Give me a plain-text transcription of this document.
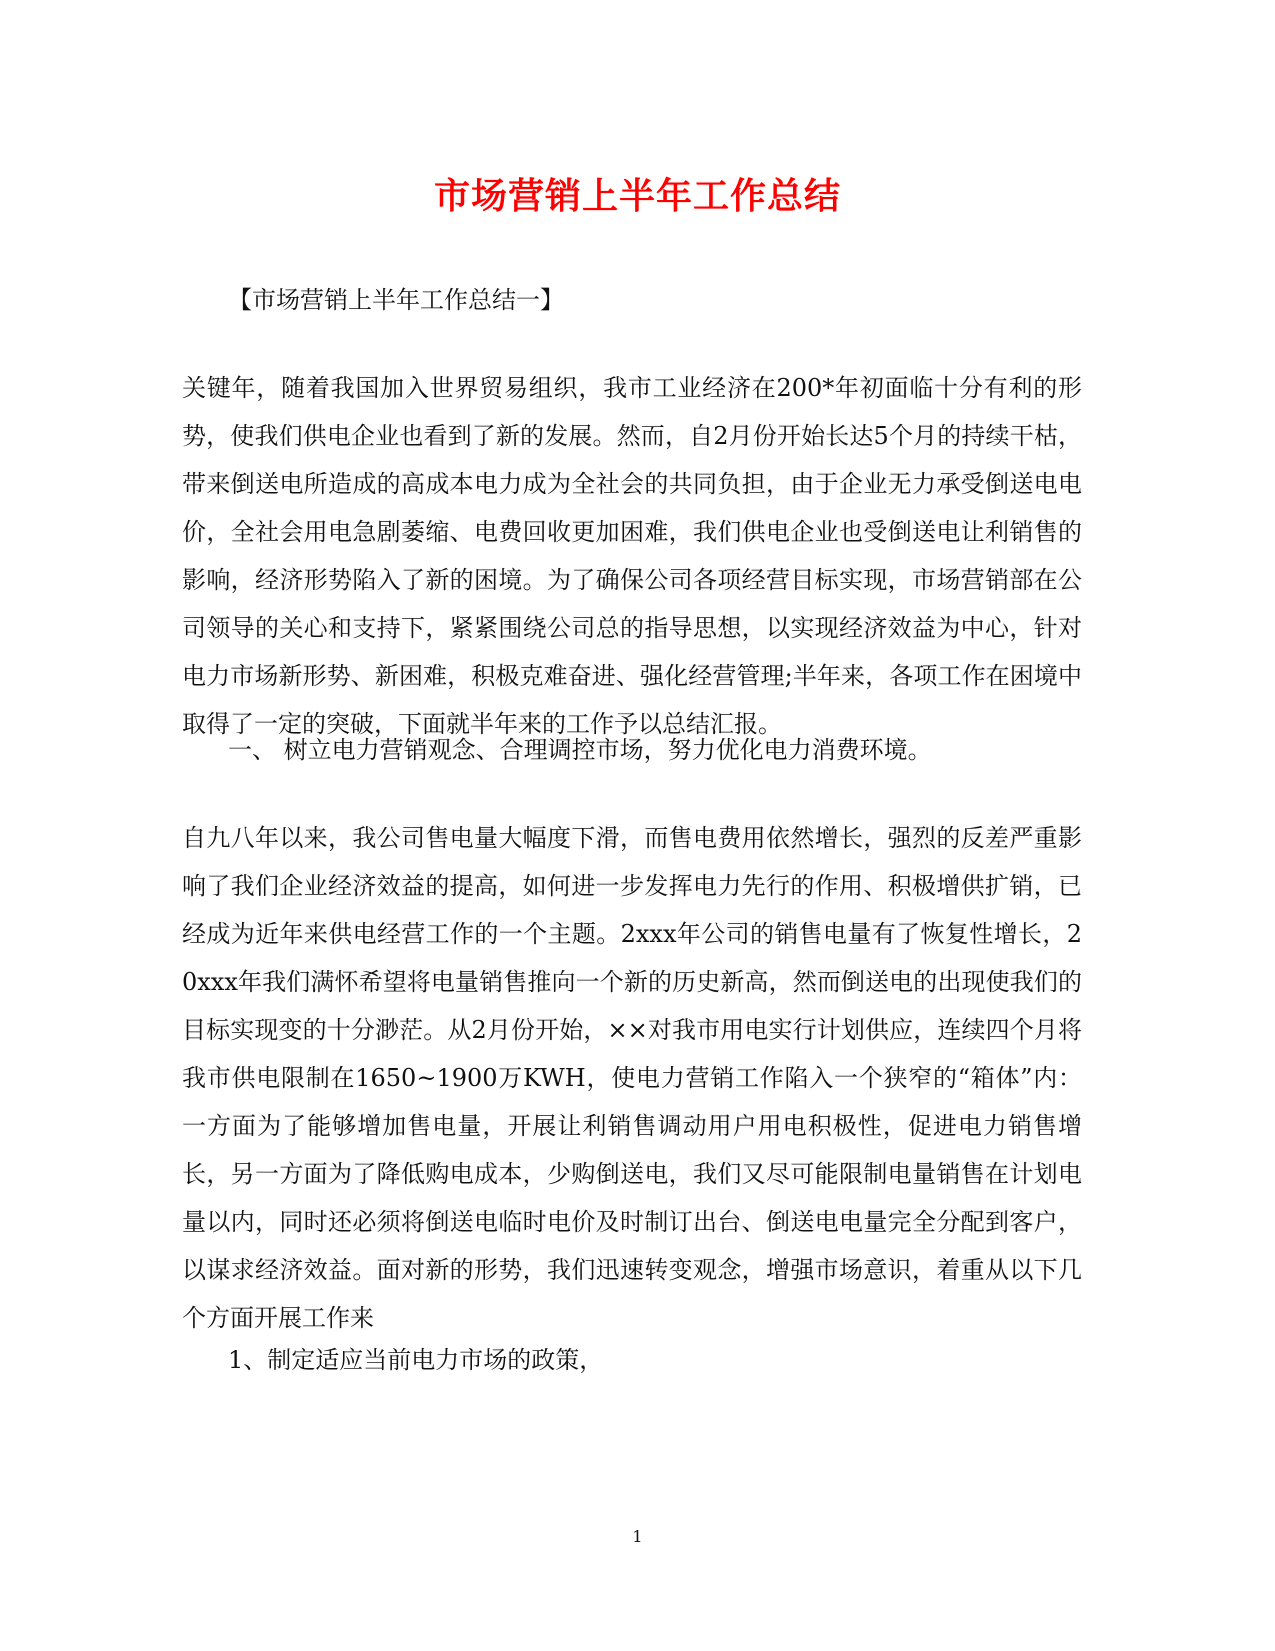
市场营销上半年工作总结
【市场营销上半年工作总结一】

关键年，随着我国加入世界贸易组织，我市工业经济在200*年初面临十分有利的形势，使我们供电企业也看到了新的发展。然而，自2月份开始长达5个月的持续干枯，带来倒送电所造成的高成本电力成为全社会的共同负担，由于企业无力承受倒送电电价，全社会用电急剧萎缩、电费回收更加困难，我们供电企业也受倒送电让利销售的影响，经济形势陷入了新的困境。为了确保公司各项经营目标实现，市场营销部在公司领导的关心和支持下，紧紧围绕公司总的指导思想，以实现经济效益为中心，针对电力市场新形势、新困难，积极克难奋进、强化经营管理;半年来，各项工作在困境中取得了一定的突破，下面就半年来的工作予以总结汇报。

一、 树立电力营销观念、合理调控市场，努力优化电力消费环境。

自九八年以来，我公司售电量大幅度下滑，而售电费用依然增长，强烈的反差严重影响了我们企业经济效益的提高，如何进一步发挥电力先行的作用、积极增供扩销，已经成为近年来供电经营工作的一个主题。2xxx年公司的销售电量有了恢复性增长，20xxx年我们满怀希望将电量销售推向一个新的历史新高，然而倒送电的出现使我们的目标实现变的十分渺茫。从2月份开始，××对我市用电实行计划供应，连续四个月将我市供电限制在1650~1900万KWH，使电力营销工作陷入一个狭窄的“箱体”内：一方面为了能够增加售电量，开展让利销售调动用户用电积极性，促进电力销售增长，另一方面为了降低购电成本，少购倒送电，我们又尽可能限制电量销售在计划电量以内，同时还必须将倒送电临时电价及时制订出台、倒送电电量完全分配到客户，以谋求经济效益。面对新的形势，我们迅速转变观念，增强市场意识，着重从以下几个方面开展工作来

1、制定适应当前电力市场的政策，

1
